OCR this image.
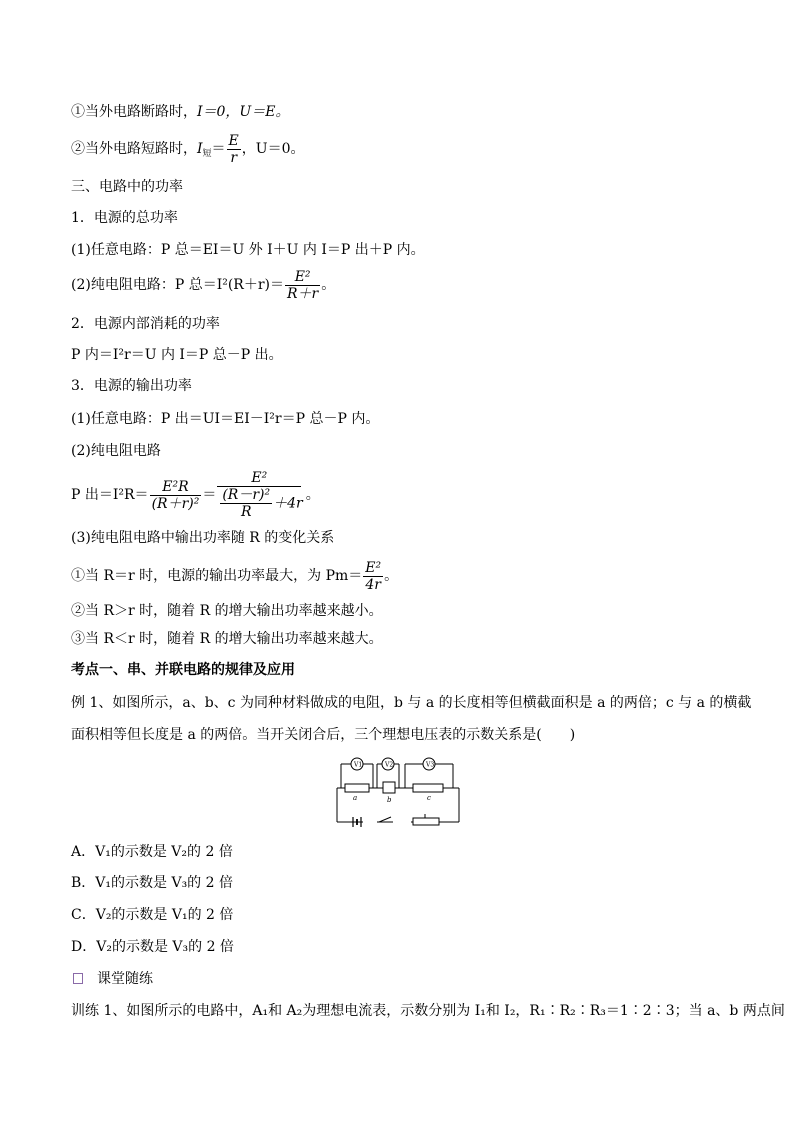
①当外电路断路时，I＝0，U＝E。
②当外电路短路时，$I_短= \frac{E}{r}$ ，U＝0。
三、电路中的功率
1．电源的总功率
(1)任意电路：P 总＝EI＝U 外 I＋U 内 I＝P 出＋P 内。
(2)纯电阻电路：P 总$=I^2(R+r)= \frac{\text{E²}}{R+r}$ 。
2．电源内部消耗的功率
P 内＝I²r＝U 内 I＝P 总－P 出。
3．电源的输出功率
(1)任意电路：P 出＝UI＝EI－I²r＝P 总－P 内。
(2)纯电阻电路
P 出$=I^2R= \frac{\text{E²R}}{\text{(R＋r)²}} = \frac{\text{E²}}{\frac{\text{(R－r)²}}{R} +4r}$ 。
(3)纯电阻电路中输出功率随 R 的变化关系
①当 R＝r 时，电源的输出功率最大，为 $Pm= \frac{\text{E²}}{4r}$ 。
②当 R＞r 时，随着 R 的增大输出功率越来越小。
③当 R＜r 时，随着 R 的增大输出功率越来越大。
考点一、串、并联电路的规律及应用
例 1、如图所示，a、b、c 为同种材料做成的电阻，b 与 a 的长度相等但横截面积是 a 的两倍；c 与 a 的横截
面积相等但长度是 a 的两倍。当开关闭合后，三个理想电压表的示数关系是(　　)
V1	V2	V3
a	b	c
A．V₁的示数是 V₂的 2 倍
B．V₁的示数是 V₃的 2 倍
C．V₂的示数是 V₁的 2 倍
D．V₂的示数是 V₃的 2 倍
课堂随练
训练 1、如图所示的电路中，A₁和 A₂为理想电流表，示数分别为 I₁和 I₂，R₁∶R₂∶R₃＝1∶2∶3；当 a、b 两点间
